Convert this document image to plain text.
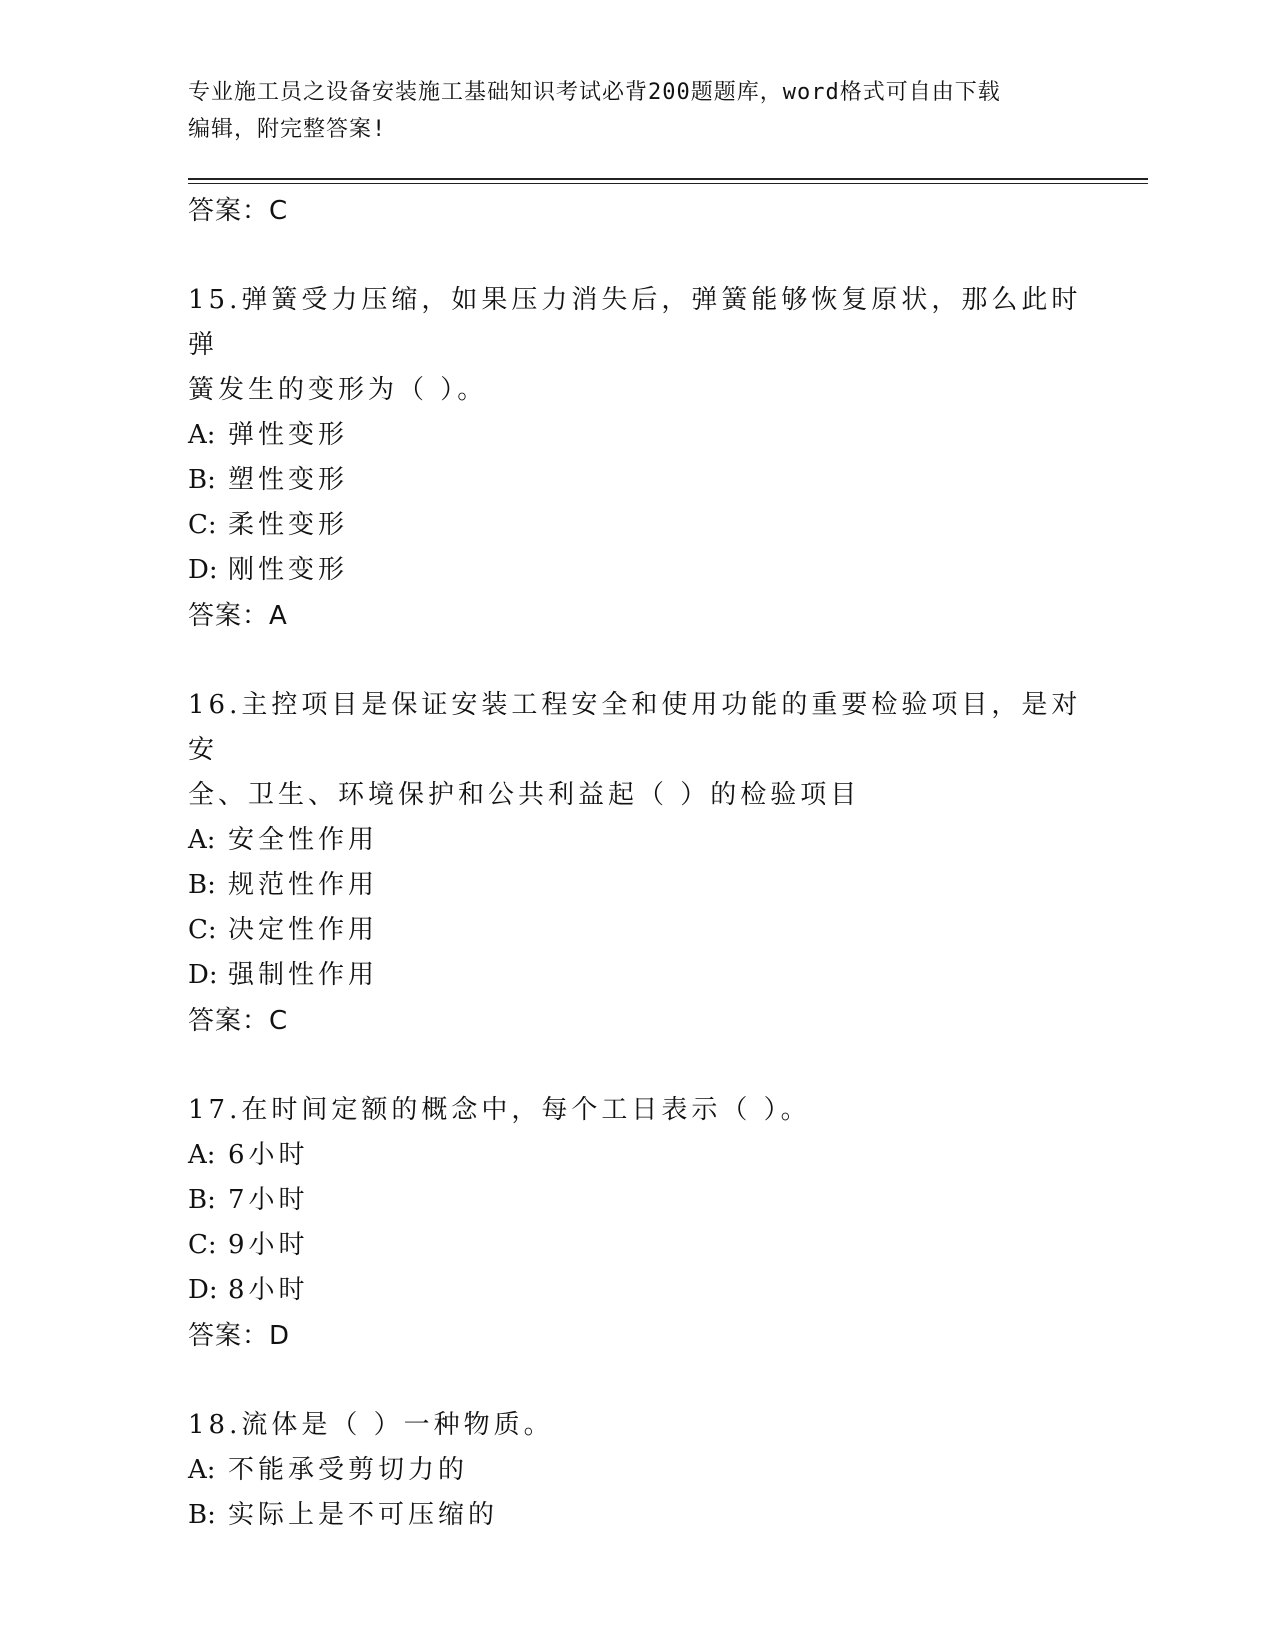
专业施工员之设备安装施工基础知识考试必背200题题库，word格式可自由下载
编辑，附完整答案!
答案：C
15.弹簧受力压缩，如果压力消失后，弹簧能够恢复原状，那么此时弹
簧发生的变形为（ ）。
A: 弹性变形
B: 塑性变形
C: 柔性变形
D: 刚性变形
答案：A
16.主控项目是保证安装工程安全和使用功能的重要检验项目，是对安
全、卫生、环境保护和公共利益起（ ）的检验项目
A: 安全性作用
B: 规范性作用
C: 决定性作用
D: 强制性作用
答案：C
17.在时间定额的概念中，每个工日表示（ ）。
A: 6小时
B: 7小时
C: 9小时
D: 8小时
答案：D
18.流体是（ ）一种物质。
A: 不能承受剪切力的
B: 实际上是不可压缩的
